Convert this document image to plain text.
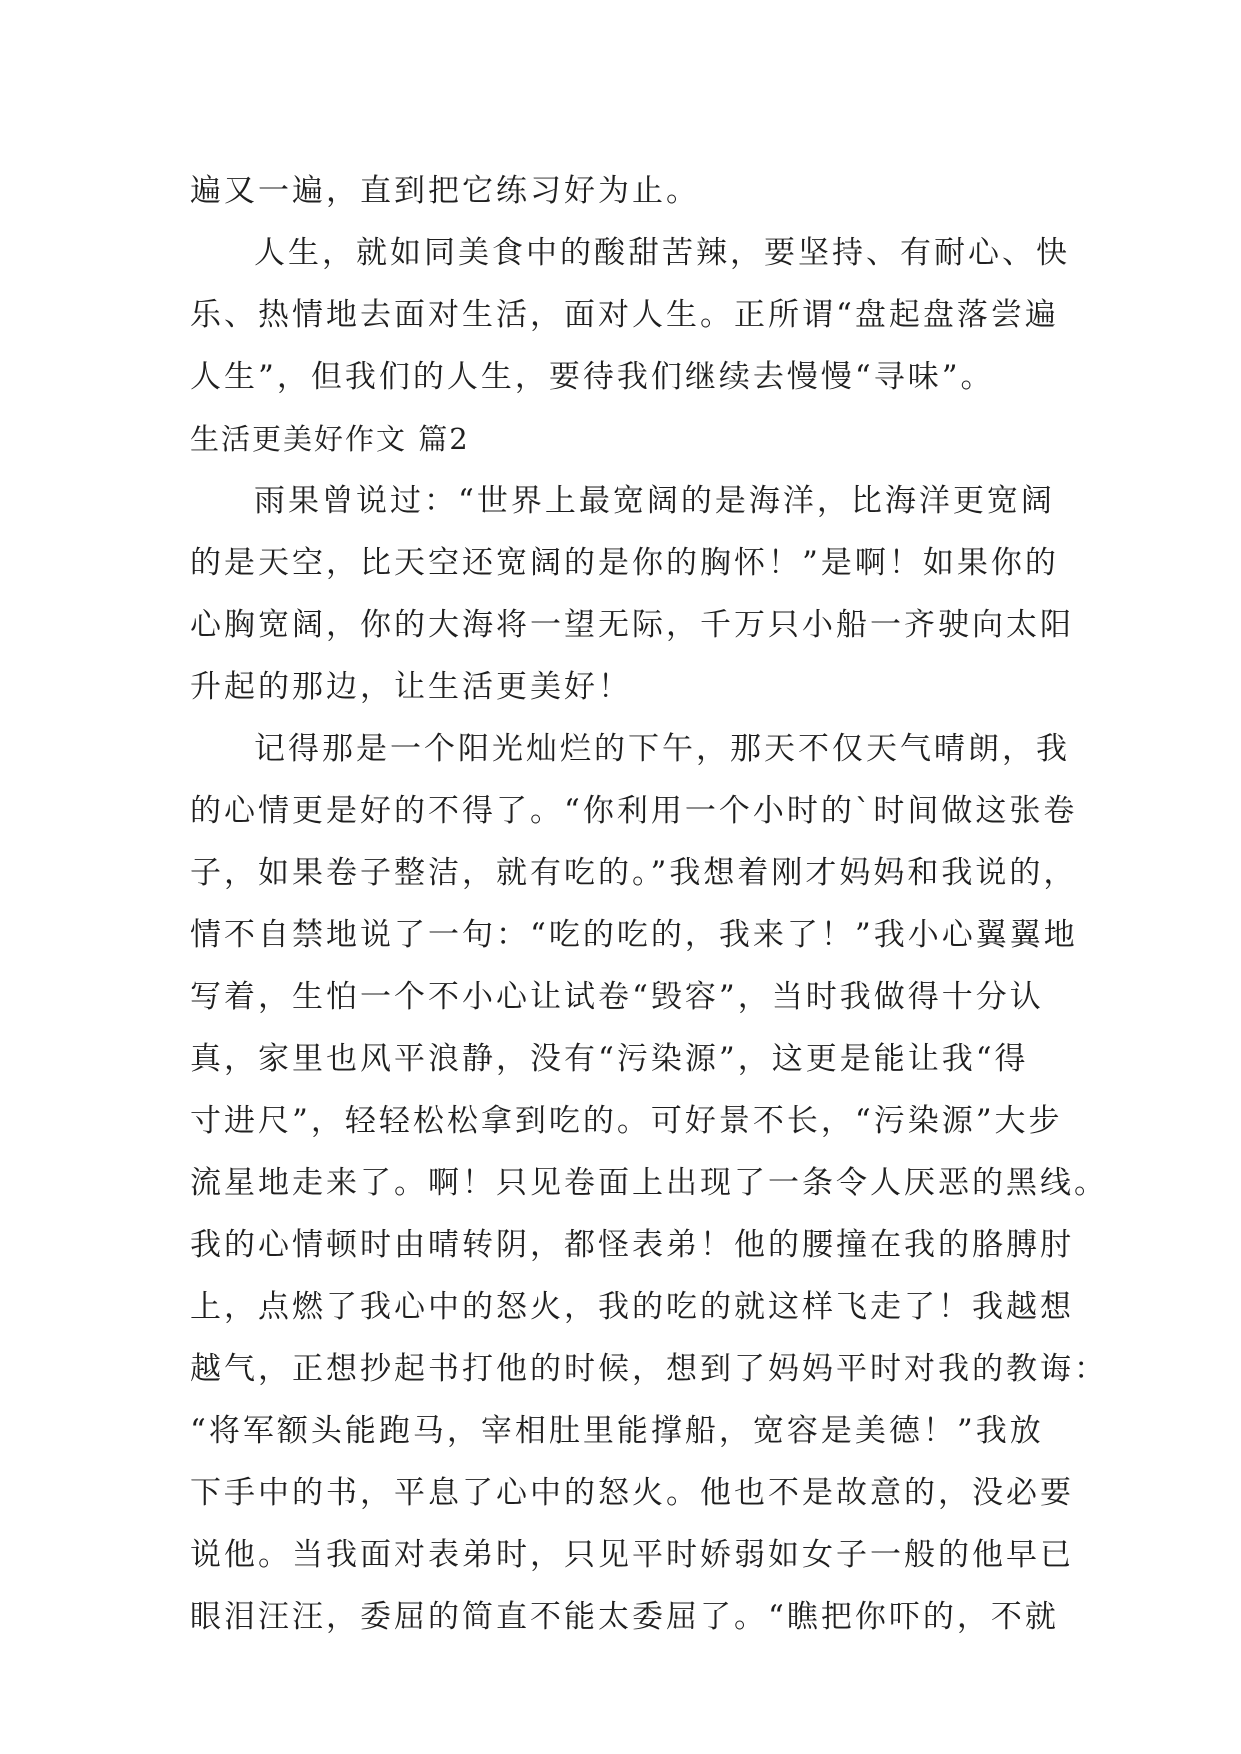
遍又一遍，直到把它练习好为止。
人生，就如同美食中的酸甜苦辣，要坚持、有耐心、快
乐、热情地去面对生活，面对人生。正所谓“盘起盘落尝遍
人生”，但我们的人生，要待我们继续去慢慢“寻味”。
生活更美好作文 篇2
雨果曾说过：“世界上最宽阔的是海洋，比海洋更宽阔
的是天空，比天空还宽阔的是你的胸怀！”是啊！如果你的
心胸宽阔，你的大海将一望无际，千万只小船一齐驶向太阳
升起的那边，让生活更美好！
记得那是一个阳光灿烂的下午，那天不仅天气晴朗，我
的心情更是好的不得了。“你利用一个小时的`时间做这张卷
子，如果卷子整洁，就有吃的。”我想着刚才妈妈和我说的，
情不自禁地说了一句：“吃的吃的，我来了！”我小心翼翼地
写着，生怕一个不小心让试卷“毁容”，当时我做得十分认
真，家里也风平浪静，没有“污染源”，这更是能让我“得
寸进尺”，轻轻松松拿到吃的。可好景不长，“污染源”大步
流星地走来了。啊！只见卷面上出现了一条令人厌恶的黑线。
我的心情顿时由晴转阴，都怪表弟！他的腰撞在我的胳膊肘
上，点燃了我心中的怒火，我的吃的就这样飞走了！我越想
越气，正想抄起书打他的时候，想到了妈妈平时对我的教诲：
“将军额头能跑马，宰相肚里能撑船，宽容是美德！”我放
下手中的书，平息了心中的怒火。他也不是故意的，没必要
说他。当我面对表弟时，只见平时娇弱如女子一般的他早已
眼泪汪汪，委屈的简直不能太委屈了。“瞧把你吓的，不就
